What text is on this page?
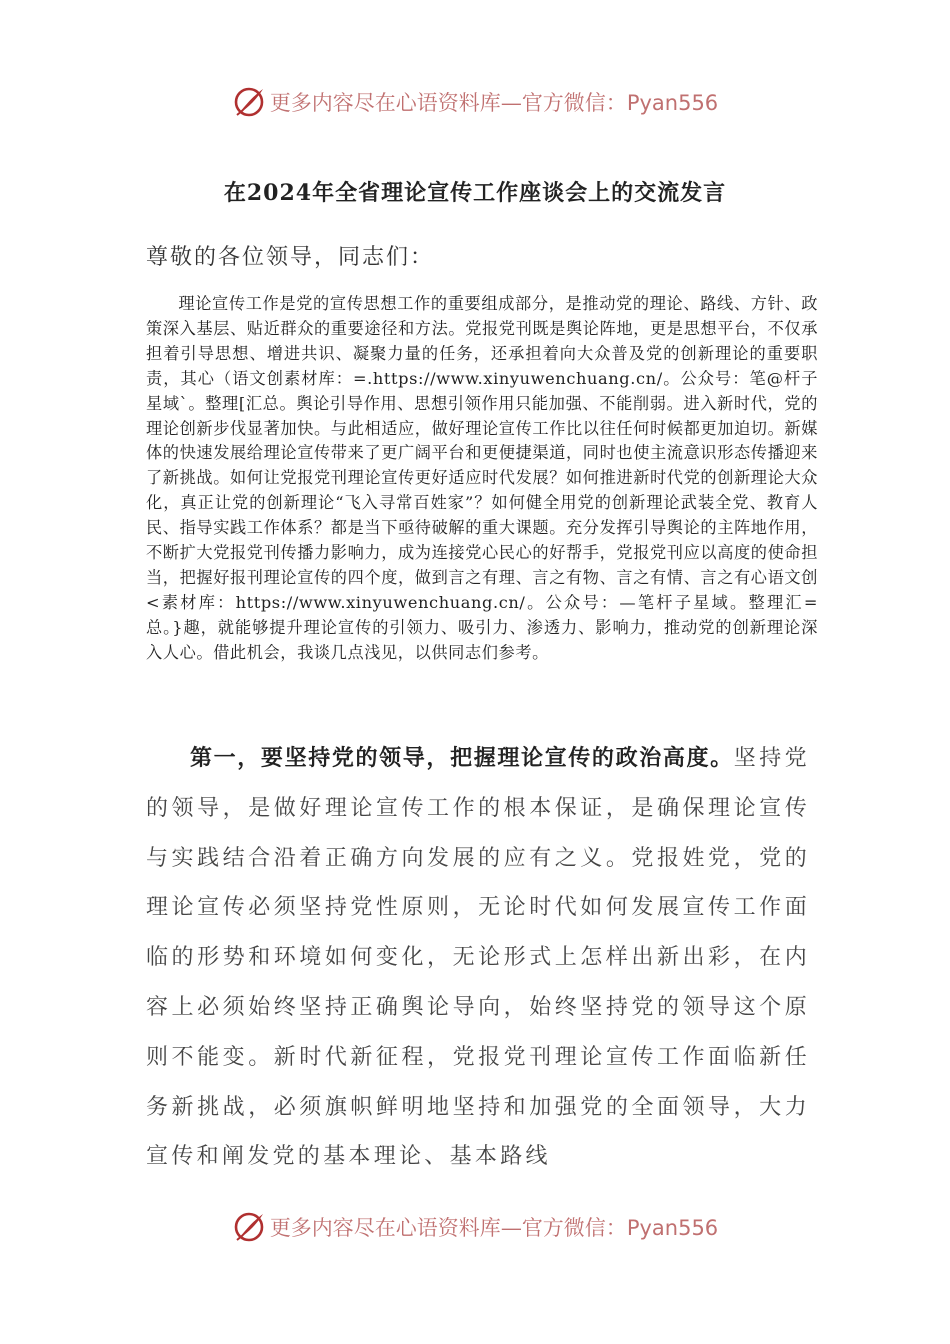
更多内容尽在心语资料库—官方微信：Pyan556
在2024年全省理论宣传工作座谈会上的交流发言
尊敬的各位领导，同志们：

理论宣传工作是党的宣传思想工作的重要组成部分，是推动党的理论、路线、方针、政策深入基层、贴近群众的重要途径和方法。党报党刊既是舆论阵地，更是思想平台，不仅承担着引导思想、增进共识、凝聚力量的任务，还承担着向大众普及党的创新理论的重要职责，其心（语文创素材库：=.https://www.xinyuwenchuang.cn/。公众号：笔@杆子星域`。整理[汇总。舆论引导作用、思想引领作用只能加强、不能削弱。进入新时代，党的理论创新步伐显著加快。与此相适应，做好理论宣传工作比以往任何时候都更加迫切。新媒体的快速发展给理论宣传带来了更广阔平台和更便捷渠道，同时也使主流意识形态传播迎来了新挑战。如何让党报党刊理论宣传更好适应时代发展？如何推进新时代党的创新理论大众化，真正让党的创新理论“飞入寻常百姓家”？如何健全用党的创新理论武装全党、教育人民、指导实践工作体系？都是当下亟待破解的重大课题。充分发挥引导舆论的主阵地作用，不断扩大党报党刊传播力影响力，成为连接党心民心的好帮手，党报党刊应以高度的使命担当，把握好报刊理论宣传的四个度，做到言之有理、言之有物、言之有情、言之有心语文创<素材库：https://www.xinyuwenchuang.cn/。公众号：—笔杆子星域。整理汇=总。}趣，就能够提升理论宣传的引领力、吸引力、渗透力、影响力，推动党的创新理论深入人心。借此机会，我谈几点浅见，以供同志们参考。

第一，要坚持党的领导，把握理论宣传的政治高度。坚持党的领导，是做好理论宣传工作的根本保证，是确保理论宣传与实践结合沿着正确方向发展的应有之义。党报姓党，党的理论宣传必须坚持党性原则，无论时代如何发展宣传工作面临的形势和环境如何变化，无论形式上怎样出新出彩，在内容上必须始终坚持正确舆论导向，始终坚持党的领导这个原则不能变。新时代新征程，党报党刊理论宣传工作面临新任务新挑战，必须旗帜鲜明地坚持和加强党的全面领导，大力宣传和阐发党的基本理论、基本路线

更多内容尽在心语资料库—官方微信：Pyan556
